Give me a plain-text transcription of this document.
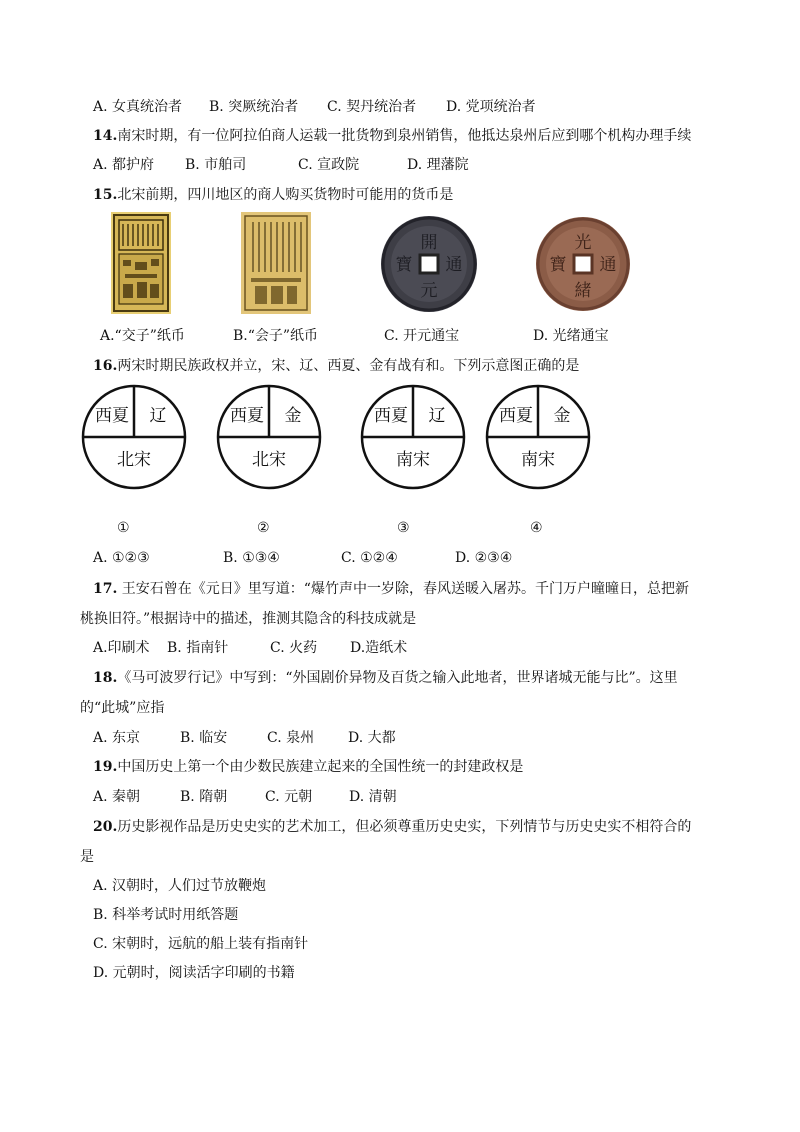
A. 女真统治者 B. 突厥统治者 C. 契丹统治者 D. 党项统治者
14.南宋时期，有一位阿拉伯商人运载一批货物到泉州销售，他抵达泉州后应到哪个机构办理手续
A. 都护府 B. 市舶司	C. 宣政院	D. 理藩院
15.北宋前期，四川地区的商人购买货物时可能用的货币是
開
元
通
寶
光
緒
通
寶
A.“交子”纸币	B.“会子”纸币	C. 开元通宝	D. 光绪通宝
16.两宋时期民族政权并立，宋、辽、西夏、金有战有和。下列示意图正确的是
西夏 辽
北宋
西夏 金
北宋
西夏 辽
南宋
西夏 金
南宋
①	②	③	④
A. ①②③	B. ①③④	C. ①②④	D. ②③④
17. 王安石曾在《元日》里写道：“爆竹声中一岁除，春风送暖入屠苏。千门万户曈曈日，总把新
桃换旧符。”根据诗中的描述，推测其隐含的科技成就是
A.印刷术 B. 指南针	C. 火药 D.造纸术
18.《马可波罗行记》中写到：“外国剧价异物及百货之输入此地者，世界诸城无能与比”。这里
的“此城”应指
A. 东京	B. 临安	C. 泉州 D. 大都
19.中国历史上第一个由少数民族建立起来的全国性统一的封建政权是
A. 秦朝	B. 隋朝	C. 元朝	D. 清朝
20.历史影视作品是历史史实的艺术加工，但必须尊重历史史实，下列情节与历史史实不相符合的
是
A. 汉朝时，人们过节放鞭炮
B. 科举考试时用纸答题
C. 宋朝时，远航的船上装有指南针
D. 元朝时，阅读活字印刷的书籍
